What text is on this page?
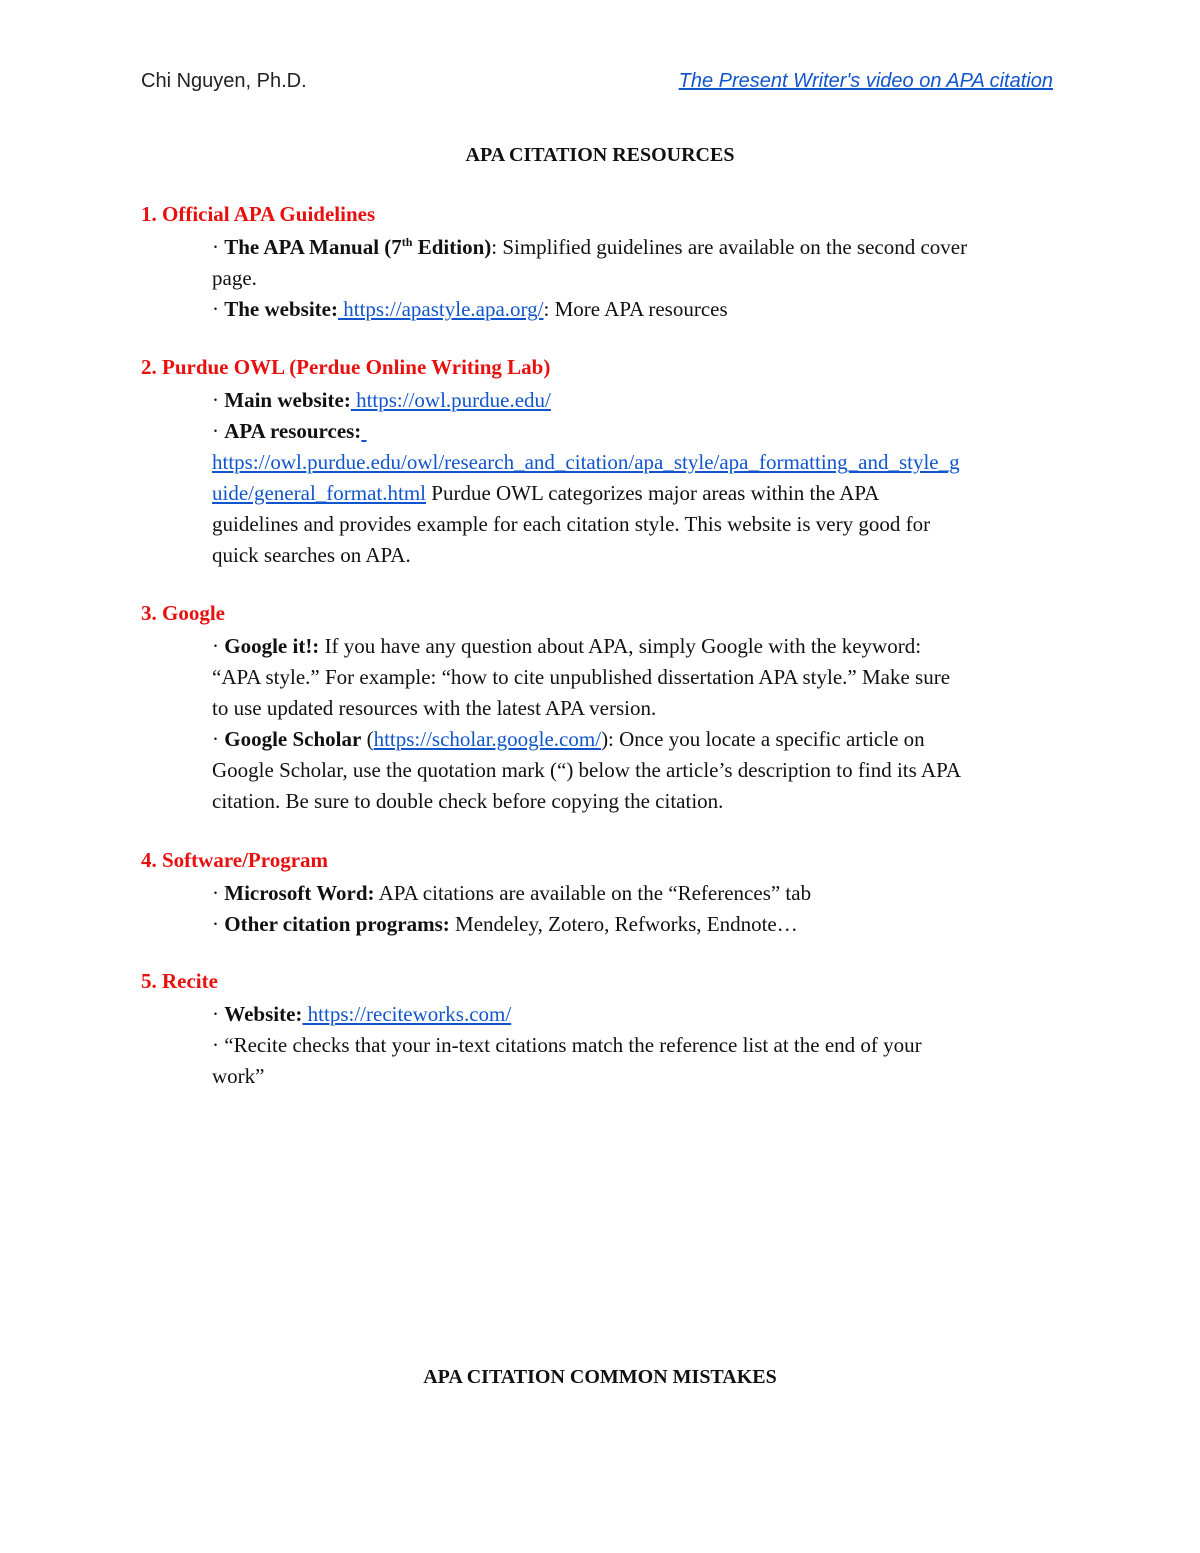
Chi Nguyen, Ph.D.	The Present Writer's video on APA citation
APA CITATION RESOURCES
1. Official APA Guidelines
· The APA Manual (7th Edition): Simplified guidelines are available on the second cover
page.
· The website: https://apastyle.apa.org/: More APA resources
2. Purdue OWL (Perdue Online Writing Lab)
· Main website: https://owl.purdue.edu/
· APA resources:
https://owl.purdue.edu/owl/research_and_citation/apa_style/apa_formatting_and_style_g
uide/general_format.html Purdue OWL categorizes major areas within the APA
guidelines and provides example for each citation style. This website is very good for
quick searches on APA.
3. Google
· Google it!: If you have any question about APA, simply Google with the keyword:
“APA style.” For example: “how to cite unpublished dissertation APA style.” Make sure
to use updated resources with the latest APA version.
· Google Scholar (https://scholar.google.com/): Once you locate a specific article on
Google Scholar, use the quotation mark (“) below the article’s description to find its APA
citation. Be sure to double check before copying the citation.
4. Software/Program
· Microsoft Word: APA citations are available on the “References” tab
· Other citation programs: Mendeley, Zotero, Refworks, Endnote…
5. Recite
· Website: https://reciteworks.com/
· “Recite checks that your in-text citations match the reference list at the end of your
work”
APA CITATION COMMON MISTAKES
